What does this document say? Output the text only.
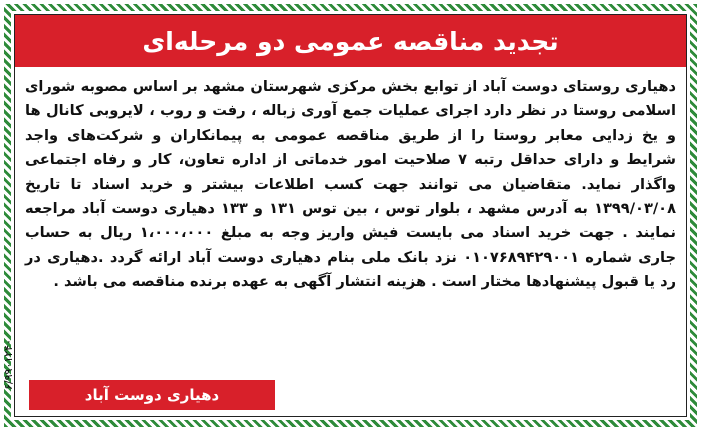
تجدید مناقصه عمومی دو مرحله‌ای

دهیاری روستای دوست آباد از توابع بخش مرکزی شهرستان مشهد بر اساس مصوبه شورای اسلامی روستا در نظر دارد اجرای عملیات جمع آوری زباله ، رفت و روب ، لایروبی کانال ها و یخ زدایی معابر روستا را از طریق مناقصه عمومی به پیمانکاران و شرکت‌های واجد شرایط و دارای حداقل رتبه ۷ صلاحیت امور خدماتی از اداره تعاون، کار و رفاه اجتماعی واگذار نماید. متقاضیان می توانند جهت کسب اطلاعات بیشتر و خرید اسناد تا تاریخ ۱۳۹۹/۰۳/۰۸ به آدرس مشهد ، بلوار توس ، بین توس ۱۳۱ و ۱۳۳ دهیاری دوست آباد مراجعه نمایند . جهت خرید اسناد می بایست فیش واریز وجه به مبلغ ۱،۰۰۰،۰۰۰ ریال به حساب جاری شماره ۰۱۰۷۶۸۹۴۲۹۰۰۱ نزد بانک ملی بنام دهیاری دوست آباد ارائه گردد .دهیاری در رد یا قبول پیشنهادها مختار است . هزینه انتشار آگهی به عهده برنده مناقصه می باشد .

دهیاری دوست آباد
۶/۹۹۰۱۲۴۰
